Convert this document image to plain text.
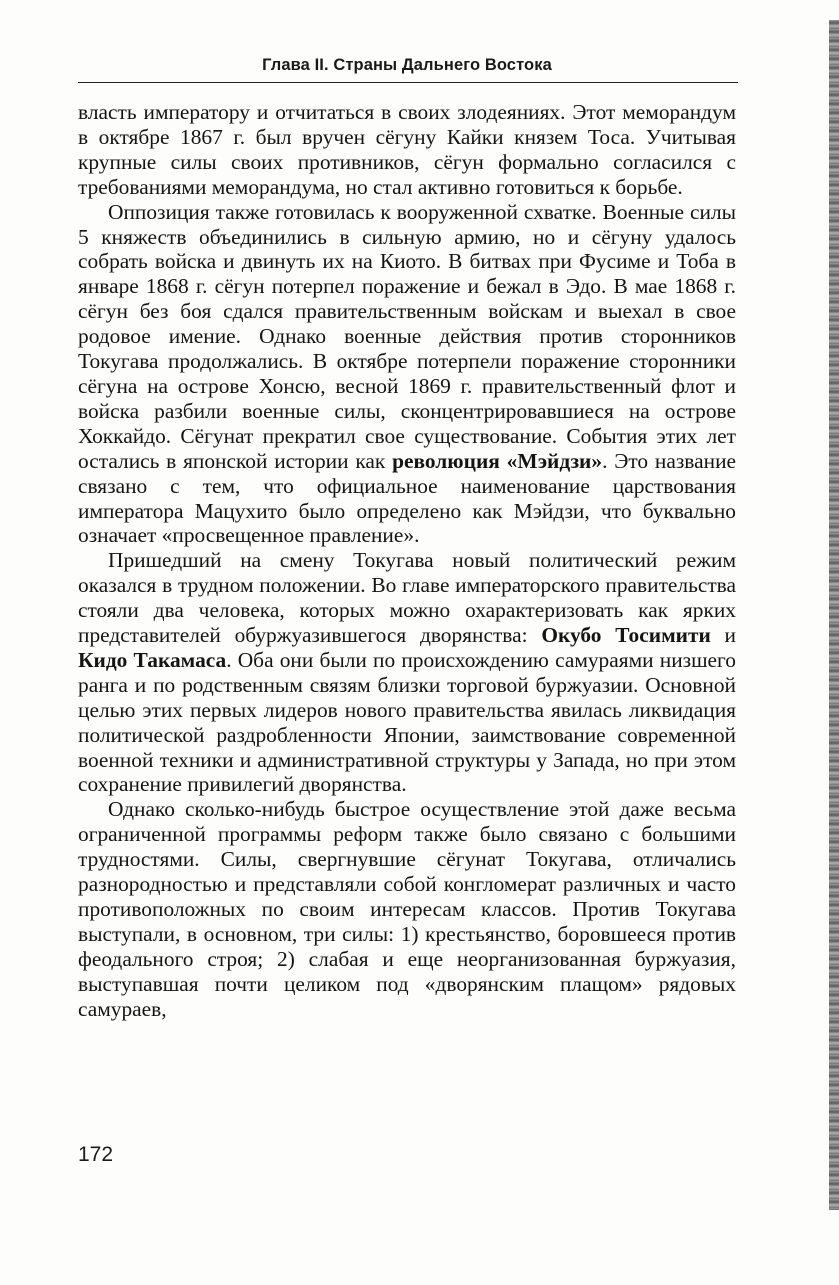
Глава II. Страны Дальнего Востока

власть императору и отчитаться в своих злодеяниях. Этот меморандум в октябре 1867 г. был вручен сёгуну Кайки князем Тоса. Учитывая крупные силы своих противников, сёгун формально согласился с требованиями меморандума, но стал активно готовиться к борьбе.

Оппозиция также готовилась к вооруженной схватке. Военные силы 5 княжеств объединились в сильную армию, но и сёгуну удалось собрать войска и двинуть их на Киото. В битвах при Фусиме и Тоба в январе 1868 г. сёгун потерпел поражение и бежал в Эдо. В мае 1868 г. сёгун без боя сдался правительственным войскам и выехал в свое родовое имение. Однако военные действия против сторонников Токугава продолжались. В октябре потерпели поражение сторонники сёгуна на острове Хонсю, весной 1869 г. правительственный флот и войска разбили военные силы, сконцентрировавшиеся на острове Хоккайдо. Сёгунат прекратил свое существование. События этих лет остались в японской истории как революция «Мэйдзи». Это название связано с тем, что официальное наименование царствования императора Мацухито было определено как Мэйдзи, что буквально означает «просвещенное правление».

Пришедший на смену Токугава новый политический режим оказался в трудном положении. Во главе императорского правительства стояли два человека, которых можно охарактеризовать как ярких представителей обуржуазившегося дворянства: Окубо Тосимити и Кидо Такамаса. Оба они были по происхождению самураями низшего ранга и по родственным связям близки торговой буржуазии. Основной целью этих первых лидеров нового правительства явилась ликвидация политической раздробленности Японии, заимствование современной военной техники и административной структуры у Запада, но при этом сохранение привилегий дворянства.

Однако сколько-нибудь быстрое осуществление этой даже весьма ограниченной программы реформ также было связано с большими трудностями. Силы, свергнувшие сёгунат Токугава, отличались разнородностью и представляли собой конгломерат различных и часто противоположных по своим интересам классов. Против Токугава выступали, в основном, три силы: 1) крестьянство, боровшееся против феодального строя; 2) слабая и еще неорганизованная буржуазия, выступавшая почти целиком под «дворянским плащом» рядовых самураев,

172
